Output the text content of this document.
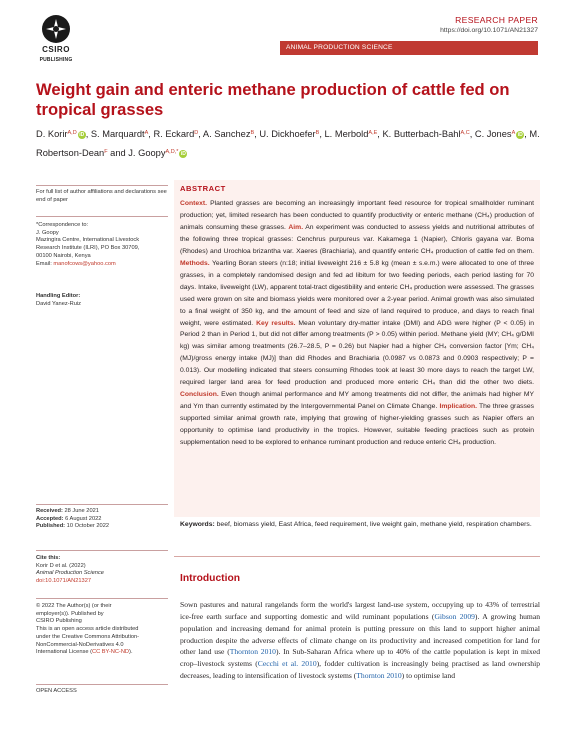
CSIRO
PUBLISHING
RESEARCH PAPER
https://doi.org/10.1071/AN21327
ANIMAL PRODUCTION SCIENCE
Weight gain and enteric methane production of cattle fed on tropical grasses
D. Korir$^{A,D}$ iD , S. Marquardt$^A$, R. Eckard$^D$, A. Sanchez$^B$, U. Dickhoefer$^B$, L. Merbold$^{A,E}$, K. Butterbach-Bahl$^{A,C}$, C. Jones$^A$ iD , M. Robertson-Dean$^F$ and J. Goopy$^{A,D,*}$ iD
For full list of author affiliations and declarations see end of paper
*Correspondence to:
J. Goopy
Mazingira Centre, International Livestock
Research Institute (ILRI), PO Box 30709,
00100 Nairobi, Kenya
Email: manofcows@yahoo.com
Handling Editor:
David Yanez-Ruiz
Received: 28 June 2021
Accepted: 6 August 2022
Published: 10 October 2022
Cite this:
Korir D et al. (2022)
Animal Production Science
doi:10.1071/AN21327
© 2022 The Author(s) (or their
employer(s)). Published by
CSIRO Publishing
This is an open access article distributed
under the Creative Commons Attribution-
NonCommercial-NoDerivatives 4.0
International License (CC BY-NC-ND).
OPEN ACCESS
ABSTRACT

Context. Planted grasses are becoming an increasingly important feed resource for tropical smallholder ruminant production; yet, limited research has been conducted to quantify productivity or enteric methane (CH₄) production of animals consuming these grasses. Aim. An experiment was conducted to assess yields and nutritional attributes of the following three tropical grasses: Cenchrus purpureus var. Kakamega 1 (Napier), Chloris gayana var. Boma (Rhodes) and Urochloa brizantha var. Xaeres (Brachiaria), and quantify enteric CH₄ production of cattle fed on them. Methods. Yearling Boran steers (n:18; initial liveweight 216 ± 5.8 kg (mean ± s.e.m.) were allocated to one of three grasses, in a completely randomised design and fed ad libitum for two feeding periods, each period lasting for 70 days. Intake, liveweight (LW), apparent total-tract digestibility and enteric CH₄ production were assessed. The grasses used were grown on site and biomass yields were monitored over a 2-year period. Animal growth was also simulated to a final weight of 350 kg, and the amount of feed and size of land required to produce, and days to reach final weight, were estimated. Key results. Mean voluntary dry-matter intake (DMI) and ADG were higher (P < 0.05) in Period 2 than in Period 1, but did not differ among treatments (P > 0.05) within period. Methane yield (MY; CH₄ g/DMI kg) was similar among treatments (26.7–28.5, P = 0.26) but Napier had a higher CH₄ conversion factor [Ym; CH₄ (MJ)/gross energy intake (MJ)] than did Rhodes and Brachiaria (0.0987 vs 0.0873 and 0.0903 respectively; P = 0.013). Our modelling indicated that steers consuming Rhodes took at least 30 more days to reach the target LW, required larger land area for feed production and produced more enteric CH₄ than did the other two diets. Conclusion. Even though animal performance and MY among treatments did not differ, the animals had higher MY and Ym than currently estimated by the Intergovernmental Panel on Climate Change. Implication. The three grasses supported similar animal growth rate, implying that growing of higher-yielding grasses such as Napier offers an opportunity to optimise land productivity in the tropics. However, suitable feeding practices such as protein supplementation need to be explored to enhance ruminant production and reduce enteric CH₄ production.

Keywords: beef, biomass yield, East Africa, feed requirement, live weight gain, methane yield, respiration chambers.
Introduction

Sown pastures and natural rangelands form the world's largest land-use system, occupying up to 43% of terrestrial ice-free earth surface and supporting domestic and wild ruminant populations (Gibson 2009). A growing human population and increasing demand for animal protein is putting pressure on this land to support higher animal production despite the adverse effects of climate change on its productivity and increased competition for land for other land use (Thornton 2010). In Sub-Saharan Africa where up to 40% of the cattle population is kept in mixed crop–livestock systems (Cecchi et al. 2010), fodder cultivation is increasingly being practised as land ownership decreases, leading to intensification of livestock systems (Thornton 2010) to optimise land
